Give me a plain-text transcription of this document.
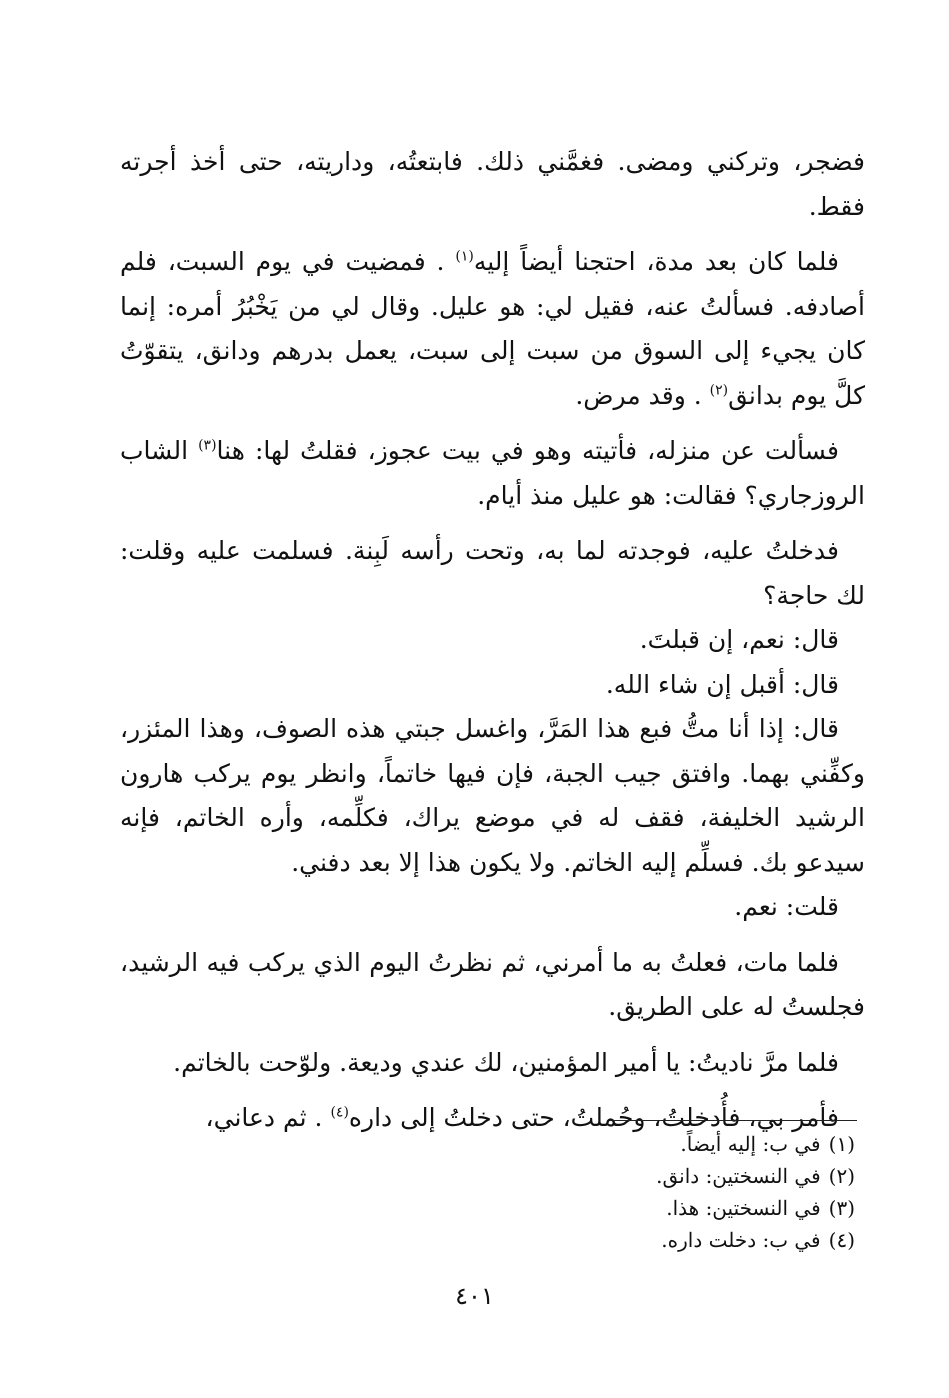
فضجر، وتركني ومضى. فغمَّني ذلك. فابتعتُه، وداريته، حتى أخذ أجرته فقط.

فلما كان بعد مدة، احتجنا أيضاً إليه$^{(١)}$ . فمضيت في يوم السبت، فلم أصادفه. فسألتُ عنه، فقيل لي: هو عليل. وقال لي من يَخْبُرُ أمره: إنما كان يجيء إلى السوق من سبت إلى سبت، يعمل بدرهم ودانق، يتقوّتُ كلَّ يوم بدانق$^{(٢)}$ . وقد مرض.

فسألت عن منزله، فأتيته وهو في بيت عجوز، فقلتُ لها: هنا$^{(٣)}$ الشاب الروزجاري؟ فقالت: هو عليل منذ أيام.

فدخلتُ عليه، فوجدته لما به، وتحت رأسه لَبِنة. فسلمت عليه وقلت: لك حاجة؟

قال: نعم، إن قبلتَ.

قال: أقبل إن شاء الله.

قال: إذا أنا متُّ فبع هذا المَرَّ، واغسل جبتي هذه الصوف، وهذا المئزر، وكفِّني بهما. وافتق جيب الجبة، فإن فيها خاتماً، وانظر يوم يركب هارون الرشيد الخليفة، فقف له في موضع يراك، فكلِّمه، وأره الخاتم، فإنه سيدعو بك. فسلِّم إليه الخاتم. ولا يكون هذا إلا بعد دفني.

قلت: نعم.

فلما مات، فعلتُ به ما أمرني، ثم نظرتُ اليوم الذي يركب فيه الرشيد، فجلستُ له على الطريق.

فلما مرَّ ناديتُ: يا أمير المؤمنين، لك عندي وديعة. ولوّحت بالخاتم.

فأمر بي، فأُدخلتُ، وحُملتُ، حتى دخلتُ إلى داره$^{(٤)}$ . ثم دعاني،

(١)في ب: إليه أيضاً.

(٢)في النسختين: دانق.

(٣)في النسختين: هذا.

(٤)في ب: دخلت داره.

٤٠١
